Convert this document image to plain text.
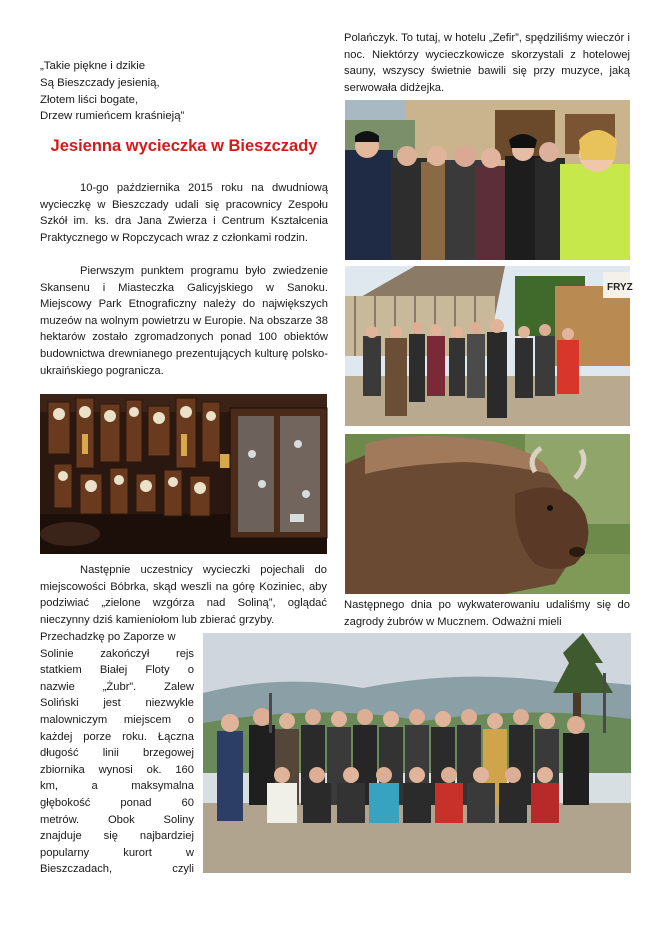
„Takie piękne i dzikie
Są Bieszczady jesienią,
Złotem liści bogate,
Drzew rumieńcem kraśnieją”
Jesienna wycieczka w Bieszczady
10-go października 2015 roku na dwudniową wycieczkę w Bieszczady udali się pracownicy Zespołu Szkół im. ks. dra Jana Zwierza i Centrum Kształcenia Praktycznego w Ropczycach wraz z członkami rodzin.
Pierwszym punktem programu było zwiedzenie Skansenu i Miasteczka Galicyjskiego w Sanoku. Miejscowy Park Etnograficzny należy do największych muzeów na wolnym powietrzu w Europie. Na obszarze 38 hektarów zostało zgromadzonych ponad 100 obiektów budownictwa drewnianego prezentujących kulturę polsko-ukraińskiego pogranicza.
Następnie uczestnicy wycieczki pojechali do miejscowości Bóbrka, skąd weszli na górę Koziniec, aby podziwiać „zielone wzgórza nad Soliną”, oglądać nieczynny dziś kamieniołom lub zbierać grzyby.
Przechadzkę po Zaporze w
Solinie zakończył rejs
statkiem Białej Floty o
nazwie „Żubr”. Zalew
Soliński jest niezwykle
malowniczym miejscem o
każdej porze roku. Łączna
długość linii brzegowej
zbiornika wynosi ok. 160
km, a maksymalna
głębokość ponad 60
metrów. Obok Soliny
znajduje się najbardziej
popularny kurort w
Bieszczadach, czyli
Polańczyk. To tutaj, w hotelu „Zefir”, spędziliśmy wieczór i noc. Niektórzy wycieczkowicze skorzystali z hotelowej sauny, wszyscy świetnie bawili się przy muzyce, jaką serwowała didżejka.
FRYZ
Następnego dnia po wykwaterowaniu udaliśmy się do zagrody żubrów w Mucznem. Odważni mieli
